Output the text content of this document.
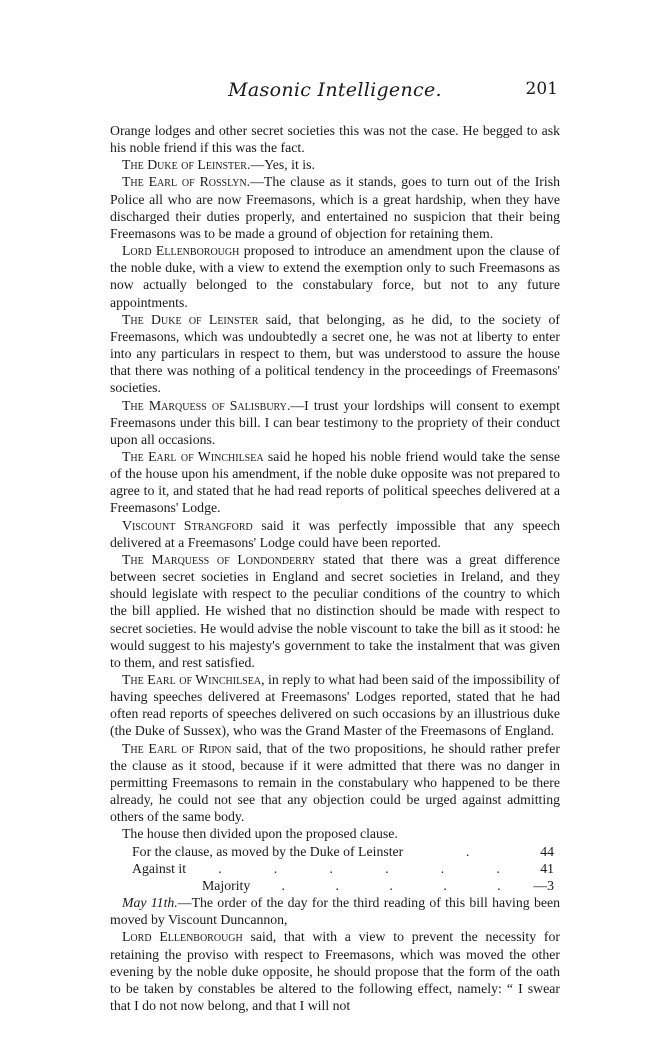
Masonic Intelligence.	201

Orange lodges and other secret societies this was not the case. He begged to ask his noble friend if this was the fact.

The Duke of Leinster.—Yes, it is.

The Earl of Rosslyn.—The clause as it stands, goes to turn out of the Irish Police all who are now Freemasons, which is a great hardship, when they have discharged their duties properly, and entertained no suspicion that their being Freemasons was to be made a ground of objection for retaining them.

Lord Ellenborough proposed to introduce an amendment upon the clause of the noble duke, with a view to extend the exemption only to such Freemasons as now actually belonged to the constabulary force, but not to any future appointments.

The Duke of Leinster said, that belonging, as he did, to the society of Freemasons, which was undoubtedly a secret one, he was not at liberty to enter into any particulars in respect to them, but was understood to assure the house that there was nothing of a political tendency in the proceedings of Freemasons' societies.

The Marquess of Salisbury.—I trust your lordships will consent to exempt Freemasons under this bill. I can bear testimony to the propriety of their conduct upon all occasions.

The Earl of Winchilsea said he hoped his noble friend would take the sense of the house upon his amendment, if the noble duke opposite was not prepared to agree to it, and stated that he had read reports of political speeches delivered at a Freemasons' Lodge.

Viscount Strangford said it was perfectly impossible that any speech delivered at a Freemasons' Lodge could have been reported.

The Marquess of Londonderry stated that there was a great difference between secret societies in England and secret societies in Ireland, and they should legislate with respect to the peculiar conditions of the country to which the bill applied. He wished that no distinction should be made with respect to secret societies. He would advise the noble viscount to take the bill as it stood: he would suggest to his majesty's government to take the instalment that was given to them, and rest satisfied.

The Earl of Winchilsea, in reply to what had been said of the impossibility of having speeches delivered at Freemasons' Lodges reported, stated that he had often read reports of speeches delivered on such occasions by an illustrious duke (the Duke of Sussex), who was the Grand Master of the Freemasons of England.

The Earl of Ripon said, that of the two propositions, he should rather prefer the clause as it stood, because if it were admitted that there was no danger in permitting Freemasons to remain in the constabulary who happened to be there already, he could not see that any objection could be urged against admitting others of the same body.

The house then divided upon the proposed clause.

For the clause, as moved by the Duke of Leinster	.	44
Against it .	.	.	.	.	.	41
Majority .	.	.	.	. —3

May 11th.—The order of the day for the third reading of this bill having been moved by Viscount Duncannon,

Lord Ellenborough said, that with a view to prevent the necessity for retaining the proviso with respect to Freemasons, which was moved the other evening by the noble duke opposite, he should propose that the form of the oath to be taken by constables be altered to the following effect, namely: “ I swear that I do not now belong, and that I will not
